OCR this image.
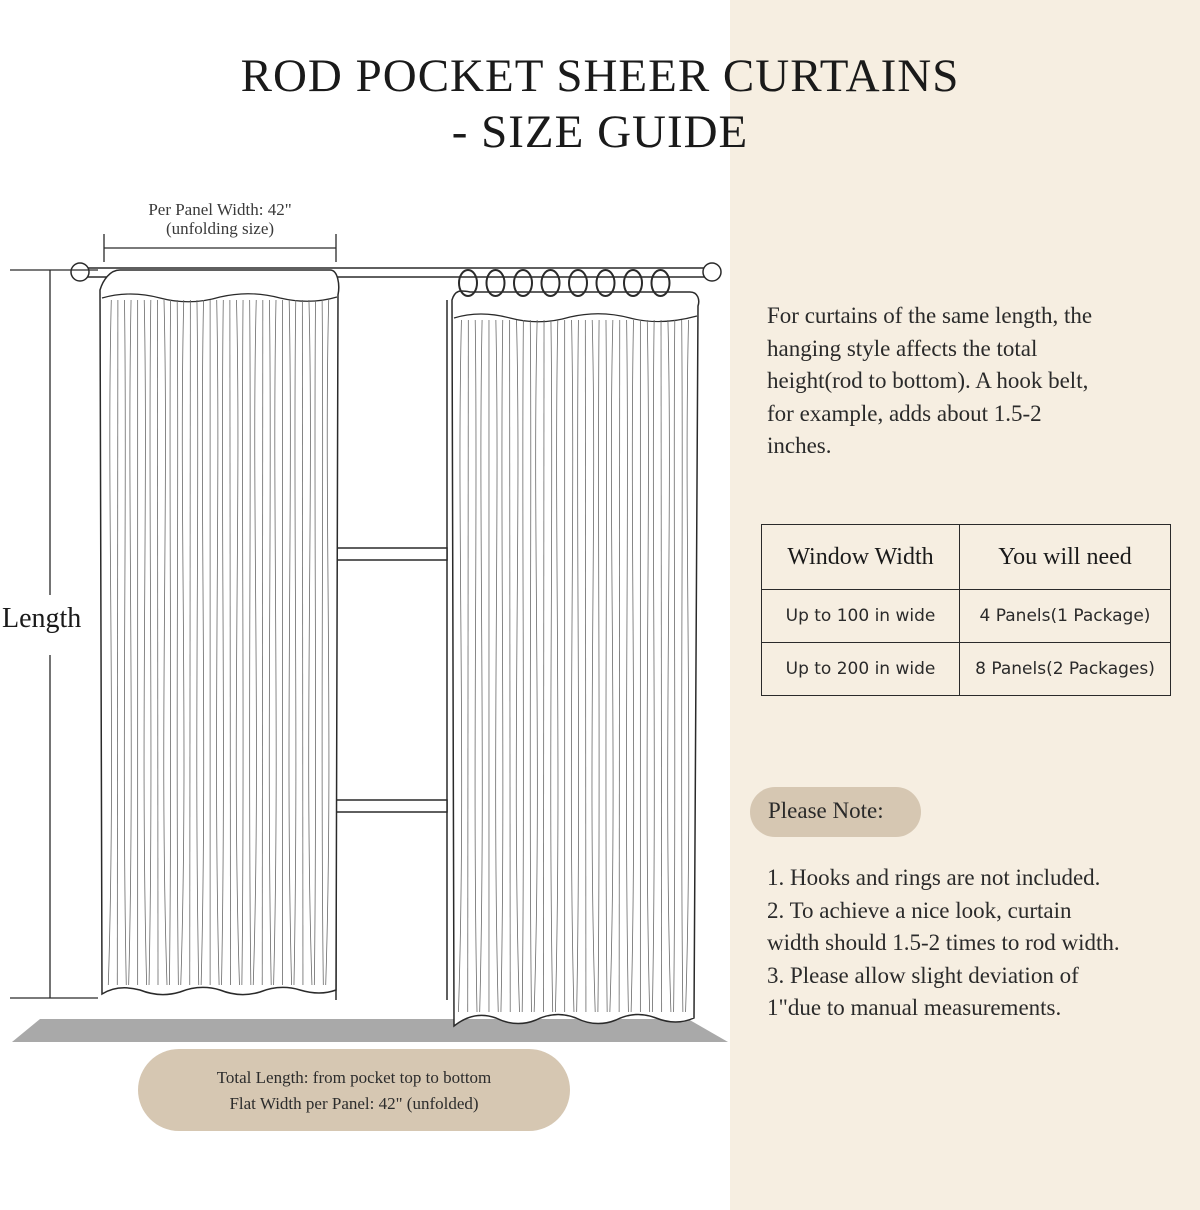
ROD POCKET SHEER CURTAINS
- SIZE GUIDE
Per Panel Width: 42"
(unfolding size)
Length
Total Length: from pocket top to bottom
Flat Width per Panel: 42" (unfolded)
For curtains of the same length, the
hanging style affects the total
height(rod to bottom). A hook belt,
for example, adds about 1.5-2
inches.
Window Width	You will need
Up to 100 in wide	4 Panels(1 Package)
Up to 200 in wide	8 Panels(2 Packages)
Please Note:
1. Hooks and rings are not included.
2. To achieve a nice look, curtain
width should 1.5-2 times to rod width.
3. Please allow slight deviation of
1"due to manual measurements.
